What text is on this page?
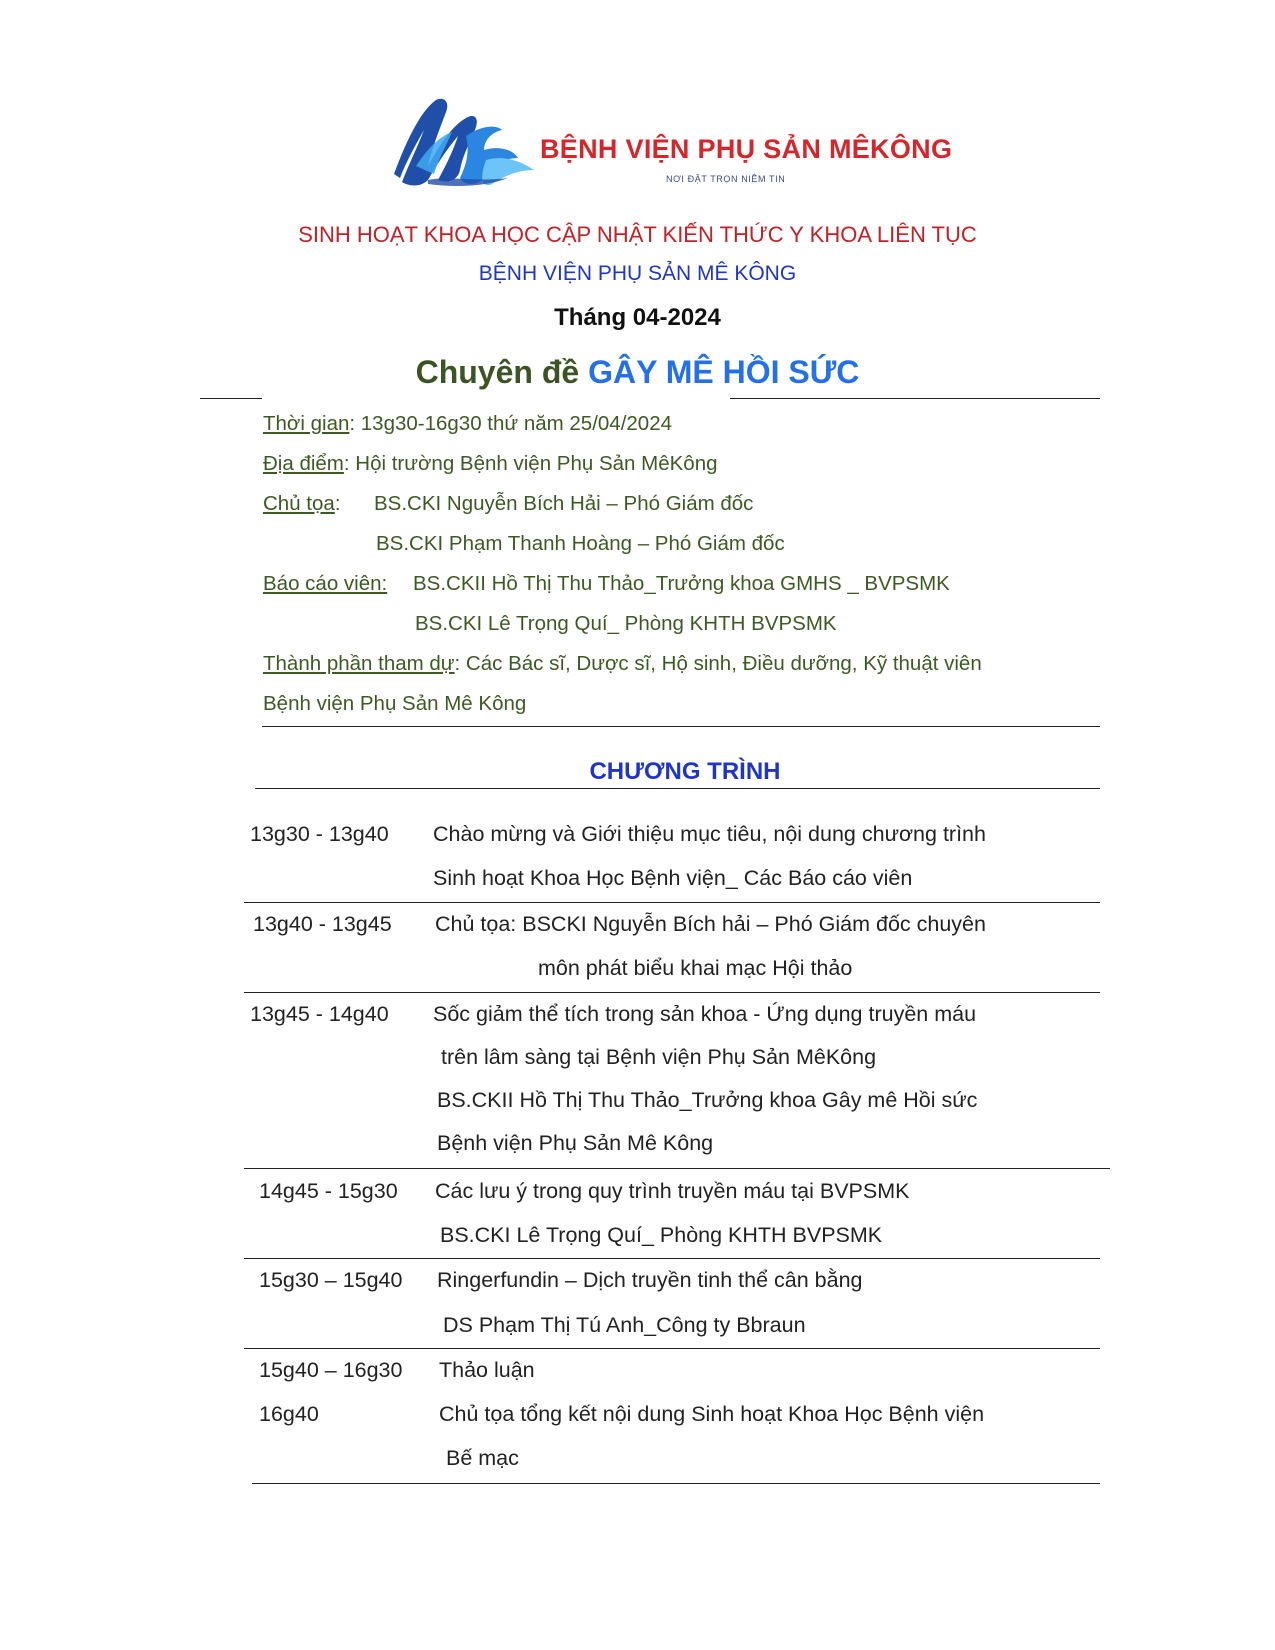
BỆNH VIỆN PHỤ SẢN MÊKÔNG
NƠI ĐẶT TRỌN NIỀM TIN
SINH HOẠT KHOA HỌC CẬP NHẬT KIẾN THỨC Y KHOA LIÊN TỤC
BỆNH VIỆN PHỤ SẢN MÊ KÔNG
Tháng 04-2024
Chuyên đề GÂY MÊ HỒI SỨC
Thời gian: 13g30-16g30 thứ năm 25/04/2024
Địa điểm: Hội trường Bệnh viện Phụ Sản MêKông
Chủ tọa: BS.CKI Nguyễn Bích Hải – Phó Giám đốc
BS.CKI Phạm Thanh Hoàng – Phó Giám đốc
Báo cáo viên: BS.CKII Hồ Thị Thu Thảo_Trưởng khoa GMHS _ BVPSMK
BS.CKI Lê Trọng Quí_ Phòng KHTH BVPSMK
Thành phần tham dự: Các Bác sĩ, Dược sĩ, Hộ sinh, Điều dưỡng, Kỹ thuật viên
Bệnh viện Phụ Sản Mê Kông
CHƯƠNG TRÌNH
13g30 - 13g40 Chào mừng và Giới thiệu mục tiêu, nội dung chương trình
Sinh hoạt Khoa Học Bệnh viện_ Các Báo cáo viên
13g40 - 13g45 Chủ tọa: BSCKI Nguyễn Bích hải – Phó Giám đốc chuyên
môn phát biểu khai mạc Hội thảo
13g45 - 14g40 Sốc giảm thể tích trong sản khoa - Ứng dụng truyền máu
trên lâm sàng tại Bệnh viện Phụ Sản MêKông
BS.CKII Hồ Thị Thu Thảo_Trưởng khoa Gây mê Hồi sức
Bệnh viện Phụ Sản Mê Kông
14g45 - 15g30 Các lưu ý trong quy trình truyền máu tại BVPSMK
BS.CKI Lê Trọng Quí_ Phòng KHTH BVPSMK
15g30 – 15g40 Ringerfundin – Dịch truyền tinh thể cân bằng
DS Phạm Thị Tú Anh_Công ty Bbraun
15g40 – 16g30 Thảo luận
16g40	Chủ tọa tổng kết nội dung Sinh hoạt Khoa Học Bệnh viện
Bế mạc
